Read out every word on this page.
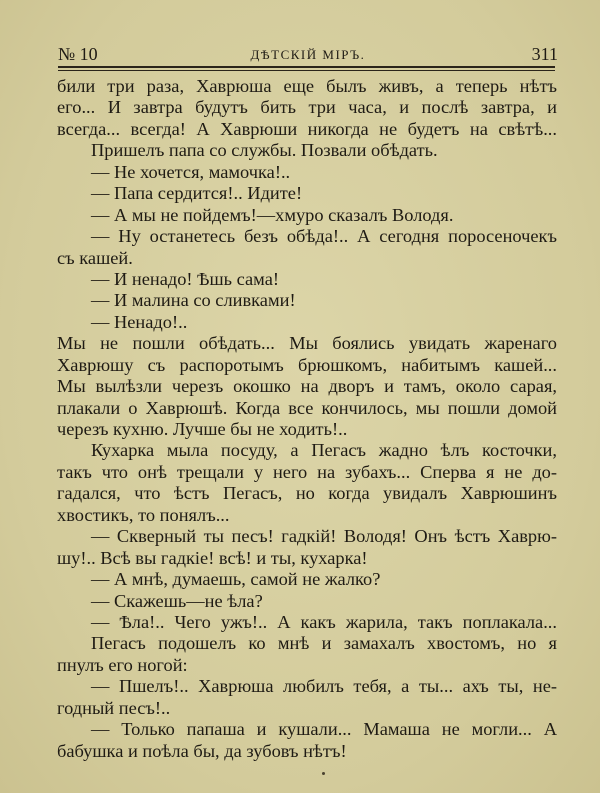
№ 10	ДѢТСКІЙ МІРЪ.	311
били три раза, Хаврюша еще былъ живъ, а теперь нѣтъ
его... И завтра будутъ бить три часа, и послѣ завтра, и
всегда... всегда! А Хаврюши никогда не будетъ на свѣтѣ...
Пришелъ папа со службы. Позвали обѣдать.
— Не хочется, мамочка!..
— Папа сердится!.. Идите!
— А мы не пойдемъ!—хмуро сказалъ Володя.
— Ну останетесь безъ обѣда!.. А сегодня поросеночекъ
съ кашей.
— И ненадо! Ѣшь сама!
— И малина со сливками!
— Ненадо!..
Мы не пошли обѣдать... Мы боялись увидать жаренаго
Хаврюшу съ распоротымъ брюшкомъ, набитымъ кашей...
Мы вылѣзли черезъ окошко на дворъ и тамъ, около сарая,
плакали о Хаврюшѣ. Когда все кончилось, мы пошли домой
черезъ кухню. Лучше бы не ходить!..
Кухарка мыла посуду, а Пегасъ жадно ѣлъ косточки,
такъ что онѣ трещали у него на зубахъ... Сперва я не до-
гадался, что ѣстъ Пегасъ, но когда увидалъ Хаврюшинъ
хвостикъ, то понялъ...
— Скверный ты песъ! гадкій! Володя! Онъ ѣстъ Хаврю-
шу!.. Всѣ вы гадкіе! всѣ! и ты, кухарка!
— А мнѣ, думаешь, самой не жалко?
— Скажешь—не ѣла?
— Ѣла!.. Чего ужъ!.. А какъ жарила, такъ поплакала...
Пегасъ подошелъ ко мнѣ и замахалъ хвостомъ, но я
пнулъ его ногой:
— Пшелъ!.. Хаврюша любилъ тебя, а ты... ахъ ты, не-
годный песъ!..
— Только папаша и кушали... Мамаша не могли... А
бабушка и поѣла бы, да зубовъ нѣтъ!
